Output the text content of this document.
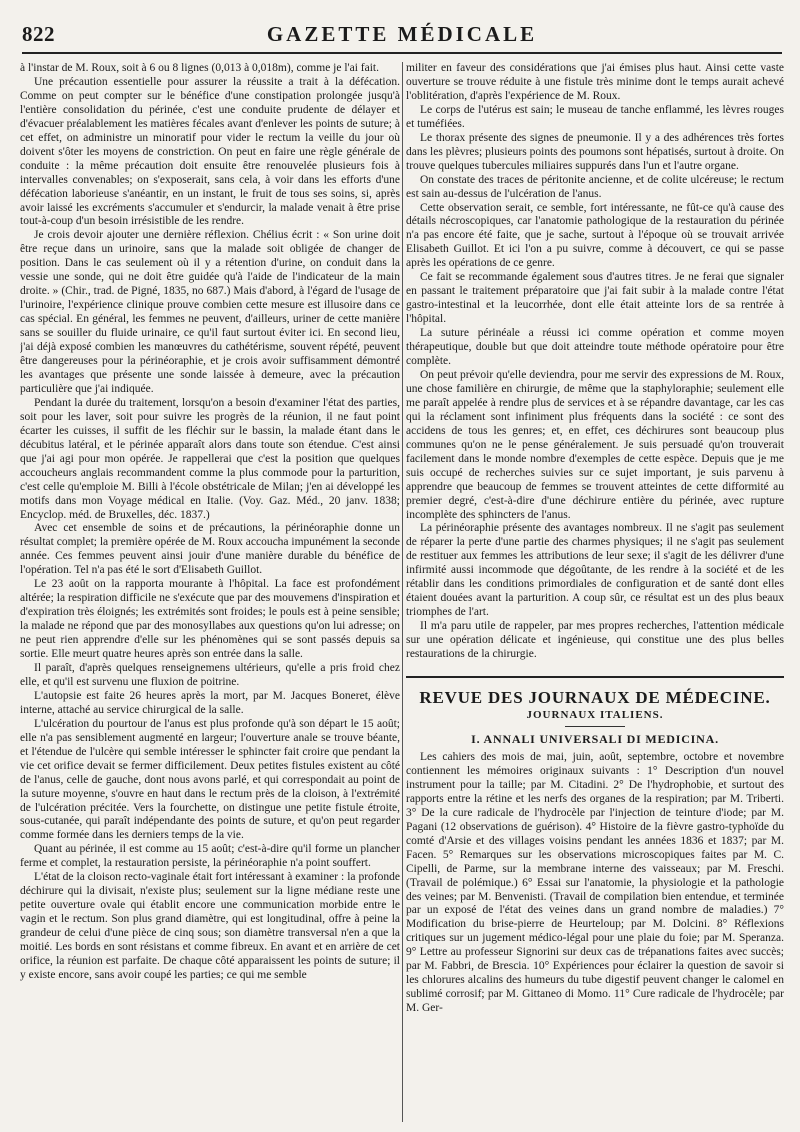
822	GAZETTE MÉDICALE

à l'instar de M. Roux, soit à 6 ou 8 lignes (0,013 à 0,018m), comme je l'ai fait.

Une précaution essentielle pour assurer la réussite a trait à la défécation. Comme on peut compter sur le bénéfice d'une constipation prolongée jusqu'à l'entière consolidation du périnée, c'est une conduite prudente de délayer et d'évacuer préalablement les matières fécales avant d'enlever les points de suture; à cet effet, on administre un minoratif pour vider le rectum la veille du jour où doivent s'ôter les moyens de constriction. On peut en faire une règle générale de conduite : la même précaution doit ensuite être renouvelée plusieurs fois à intervalles convenables; on s'exposerait, sans cela, à voir dans les efforts d'une défécation laborieuse s'anéantir, en un instant, le fruit de tous ses soins, si, après avoir laissé les excréments s'accumuler et s'endurcir, la malade venait à être prise tout-à-coup d'un besoin irrésistible de les rendre.

Je crois devoir ajouter une dernière réflexion. Chélius écrit : « Son urine doit être reçue dans un urinoire, sans que la malade soit obligée de changer de position. Dans le cas seulement où il y a rétention d'urine, on conduit dans la vessie une sonde, qui ne doit être guidée qu'à l'aide de l'indicateur de la main droite. » (Chir., trad. de Pigné, 1835, no 687.) Mais d'abord, à l'égard de l'usage de l'urinoire, l'expérience clinique prouve combien cette mesure est illusoire dans ce cas spécial. En général, les femmes ne peuvent, d'ailleurs, uriner de cette manière sans se souiller du fluide urinaire, ce qu'il faut surtout éviter ici. En second lieu, j'ai déjà exposé combien les manœuvres du cathétérisme, souvent répété, peuvent être dangereuses pour la périnéoraphie, et je crois avoir suffisamment démontré les avantages que présente une sonde laissée à demeure, avec la précaution particulière que j'ai indiquée.

Pendant la durée du traitement, lorsqu'on a besoin d'examiner l'état des parties, soit pour les laver, soit pour suivre les progrès de la réunion, il ne faut point écarter les cuisses, il suffit de les fléchir sur le bassin, la malade étant dans le décubitus latéral, et le périnée apparaît alors dans toute son étendue. C'est ainsi que j'ai agi pour mon opérée. Je rappellerai que c'est la position que quelques accoucheurs anglais recommandent comme la plus commode pour la parturition, c'est celle qu'emploie M. Billi à l'école obstétricale de Milan; j'en ai développé les motifs dans mon Voyage médical en Italie. (Voy. Gaz. Méd., 20 janv. 1838; Encyclop. méd. de Bruxelles, déc. 1837.)

Avec cet ensemble de soins et de précautions, la périnéoraphie donne un résultat complet; la première opérée de M. Roux accoucha impunément la seconde année. Ces femmes peuvent ainsi jouir d'une manière durable du bénéfice de l'opération. Tel n'a pas été le sort d'Elisabeth Guillot.

Le 23 août on la rapporta mourante à l'hôpital. La face est profondément altérée; la respiration difficile ne s'exécute que par des mouvemens d'inspiration et d'expiration très éloignés; les extrémités sont froides; le pouls est à peine sensible; la malade ne répond que par des monosyllabes aux questions qu'on lui adresse; on ne peut rien apprendre d'elle sur les phénomènes qui se sont passés depuis sa sortie. Elle meurt quatre heures après son entrée dans la salle.

Il paraît, d'après quelques renseignemens ultérieurs, qu'elle a pris froid chez elle, et qu'il est survenu une fluxion de poitrine.

L'autopsie est faite 26 heures après la mort, par M. Jacques Boneret, élève interne, attaché au service chirurgical de la salle.

L'ulcération du pourtour de l'anus est plus profonde qu'à son départ le 15 août; elle n'a pas sensiblement augmenté en largeur; l'ouverture anale se trouve béante, et l'étendue de l'ulcère qui semble intéresser le sphincter fait croire que pendant la vie cet orifice devait se fermer difficilement. Deux petites fistules existent au côté de l'anus, celle de gauche, dont nous avons parlé, et qui correspondait au point de la suture moyenne, s'ouvre en haut dans le rectum près de la cloison, à l'extrémité de l'ulcération précitée. Vers la fourchette, on distingue une petite fistule étroite, sous-cutanée, qui paraît indépendante des points de suture, et qu'on peut regarder comme formée dans les derniers temps de la vie.

Quant au périnée, il est comme au 15 août; c'est-à-dire qu'il forme un plancher ferme et complet, la restauration persiste, la périnéoraphie n'a point souffert.

L'état de la cloison recto-vaginale était fort intéressant à examiner : la profonde déchirure qui la divisait, n'existe plus; seulement sur la ligne médiane reste une petite ouverture ovale qui établit encore une communication morbide entre le vagin et le rectum. Son plus grand diamètre, qui est longitudinal, offre à peine la grandeur de celui d'une pièce de cinq sous; son diamètre transversal n'en a que la moitié. Les bords en sont résistans et comme fibreux. En avant et en arrière de cet orifice, la réunion est parfaite. De chaque côté apparaissent les points de suture; il y existe encore, sans avoir coupé les parties; ce qui me semble

militer en faveur des considérations que j'ai émises plus haut. Ainsi cette vaste ouverture se trouve réduite à une fistule très minime dont le temps aurait achevé l'oblitération, d'après l'expérience de M. Roux.

Le corps de l'utérus est sain; le museau de tanche enflammé, les lèvres rouges et tuméfiées.

Le thorax présente des signes de pneumonie. Il y a des adhérences très fortes dans les plèvres; plusieurs points des poumons sont hépatisés, surtout à droite. On trouve quelques tubercules miliaires suppurés dans l'un et l'autre organe.

On constate des traces de péritonite ancienne, et de colite ulcéreuse; le rectum est sain au-dessus de l'ulcération de l'anus.

Cette observation serait, ce semble, fort intéressante, ne fût-ce qu'à cause des détails nécroscopiques, car l'anatomie pathologique de la restauration du périnée n'a pas encore été faite, que je sache, surtout à l'époque où se trouvait arrivée Elisabeth Guillot. Et ici l'on a pu suivre, comme à découvert, ce qui se passe après les opérations de ce genre.

Ce fait se recommande également sous d'autres titres. Je ne ferai que signaler en passant le traitement préparatoire que j'ai fait subir à la malade contre l'état gastro-intestinal et la leucorrhée, dont elle était atteinte lors de sa rentrée à l'hôpital.

La suture périnéale a réussi ici comme opération et comme moyen thérapeutique, double but que doit atteindre toute méthode opératoire pour être complète.

On peut prévoir qu'elle deviendra, pour me servir des expressions de M. Roux, une chose familière en chirurgie, de même que la staphyloraphie; seulement elle me paraît appelée à rendre plus de services et à se répandre davantage, car les cas qui la réclament sont infiniment plus fréquents dans la société : ce sont des accidens de tous les genres; et, en effet, ces déchirures sont beaucoup plus communes qu'on ne le pense généralement. Je suis persuadé qu'on trouverait facilement dans le monde nombre d'exemples de cette espèce. Depuis que je me suis occupé de recherches suivies sur ce sujet important, je suis parvenu à apprendre que beaucoup de femmes se trouvent atteintes de cette difformité au premier degré, c'est-à-dire d'une déchirure entière du périnée, avec rupture incomplète des sphincters de l'anus.

La périnéoraphie présente des avantages nombreux. Il ne s'agit pas seulement de réparer la perte d'une partie des charmes physiques; il ne s'agit pas seulement de restituer aux femmes les attributions de leur sexe; il s'agit de les délivrer d'une infirmité aussi incommode que dégoûtante, de les rendre à la société et de les rétablir dans les conditions primordiales de configuration et de santé dont elles étaient douées avant la parturition. A coup sûr, ce résultat est un des plus beaux triomphes de l'art.

Il m'a paru utile de rappeler, par mes propres recherches, l'attention médicale sur une opération délicate et ingénieuse, qui constitue une des plus belles restaurations de la chirurgie.

REVUE DES JOURNAUX DE MÉDECINE.
JOURNAUX ITALIENS.
I. ANNALI UNIVERSALI DI MEDICINA.

Les cahiers des mois de mai, juin, août, septembre, octobre et novembre contiennent les mémoires originaux suivants : 1° Description d'un nouvel instrument pour la taille; par M. Citadini. 2° De l'hydrophobie, et surtout des rapports entre la rétine et les nerfs des organes de la respiration; par M. Triberti. 3° De la cure radicale de l'hydrocèle par l'injection de teinture d'iode; par M. Pagani (12 observations de guérison). 4° Histoire de la fièvre gastro-typhoïde du comté d'Arsie et des villages voisins pendant les années 1836 et 1837; par M. Facen. 5° Remarques sur les observations microscopiques faites par M. C. Cipelli, de Parme, sur la membrane interne des vaisseaux; par M. Freschi. (Travail de polémique.) 6° Essai sur l'anatomie, la physiologie et la pathologie des veines; par M. Benvenisti. (Travail de compilation bien entendue, et terminée par un exposé de l'état des veines dans un grand nombre de maladies.) 7° Modification du brise-pierre de Heurteloup; par M. Dolcini. 8° Réflexions critiques sur un jugement médico-légal pour une plaie du foie; par M. Speranza. 9° Lettre au professeur Signorini sur deux cas de trépanations faites avec succès; par M. Fabbri, de Brescia. 10° Expériences pour éclairer la question de savoir si les chlorures alcalins des humeurs du tube digestif peuvent changer le calomel en sublimé corrosif; par M. Gittaneo di Momo. 11° Cure radicale de l'hydrocèle; par M. Ger-
